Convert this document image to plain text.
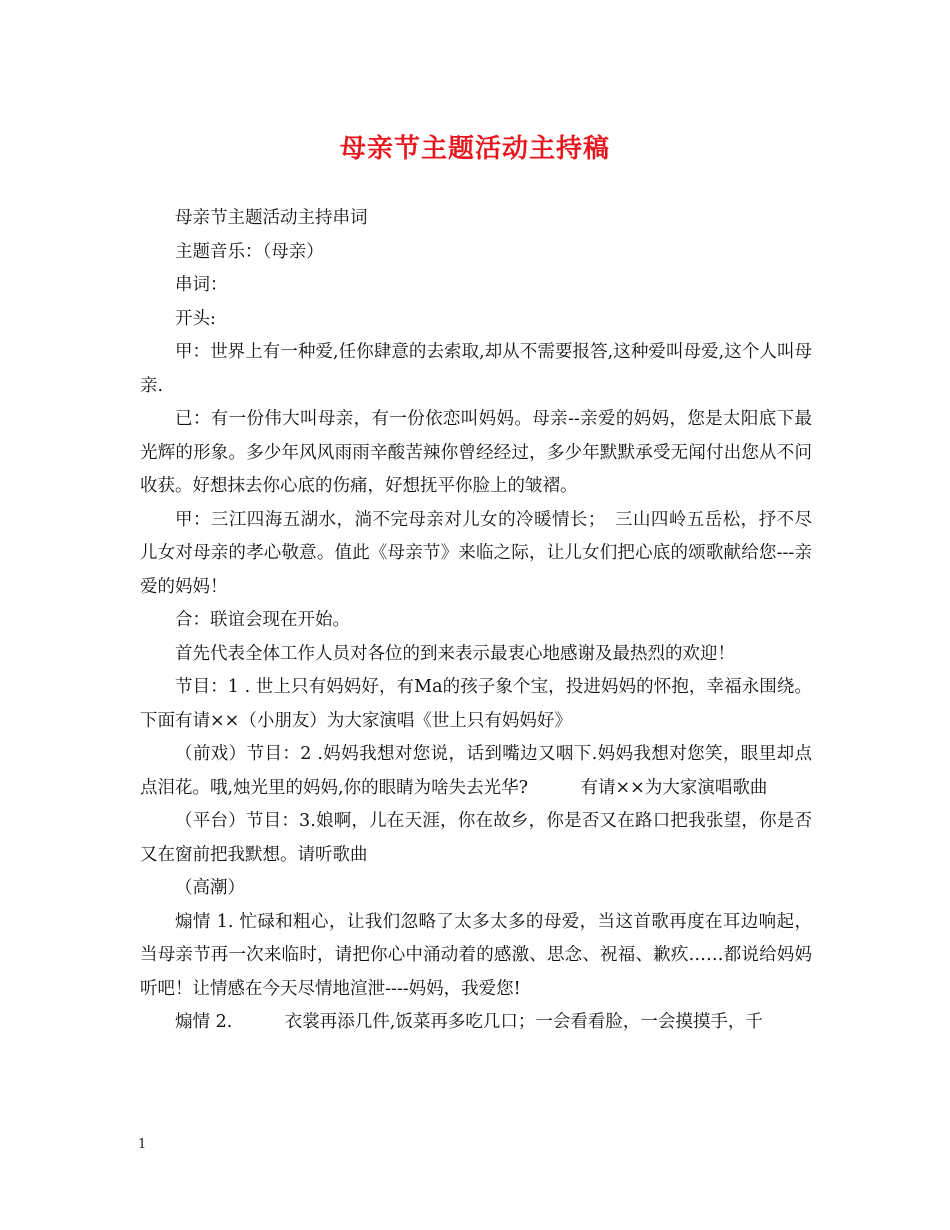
母亲节主题活动主持稿

母亲节主题活动主持串词

主题音乐：（母亲）

串词：

开头:

甲：世界上有一种爱,任你肆意的去索取,却从不需要报答,这种爱叫母爱,这个人叫母亲.

已：有一份伟大叫母亲，有一份依恋叫妈妈。母亲--亲爱的妈妈，您是太阳底下最光辉的形象。多少年风风雨雨辛酸苦辣你曾经经过，多少年默默承受无闻付出您从不问收获。好想抹去你心底的伤痛，好想抚平你脸上的皱褶。

甲：三江四海五湖水，淌不完母亲对儿女的冷暖情长；　三山四岭五岳松，抒不尽儿女对母亲的孝心敬意。值此《母亲节》来临之际，让儿女们把心底的颂歌献给您---亲爱的妈妈！

合：联谊会现在开始。

首先代表全体工作人员对各位的到来表示最衷心地感谢及最热烈的欢迎！

节目：1 . 世上只有妈妈好，有Ma的孩子象个宝，投进妈妈的怀抱，幸福永围绕。 下面有请××（小朋友）为大家演唱《世上只有妈妈好》

（前戏）节目：2 .妈妈我想对您说，话到嘴边又咽下.妈妈我想对您笑，眼里却点点泪花。哦,烛光里的妈妈,你的眼睛为啥失去光华?　　　有请××为大家演唱歌曲

（平台）节目：3.娘啊，儿在天涯，你在故乡，你是否又在路口把我张望，你是否又在窗前把我默想。请听歌曲

（高潮）

煽情 1. 忙碌和粗心，让我们忽略了太多太多的母爱，当这首歌再度在耳边响起，当母亲节再一次来临时，请把你心中涌动着的感激、思念、祝福、歉疚……都说给妈妈听吧！让情感在今天尽情地渲泄----妈妈，我爱您!

煽情 2.　　　衣裳再添几件,饭菜再多吃几口；一会看看脸，一会摸摸手，千

1
